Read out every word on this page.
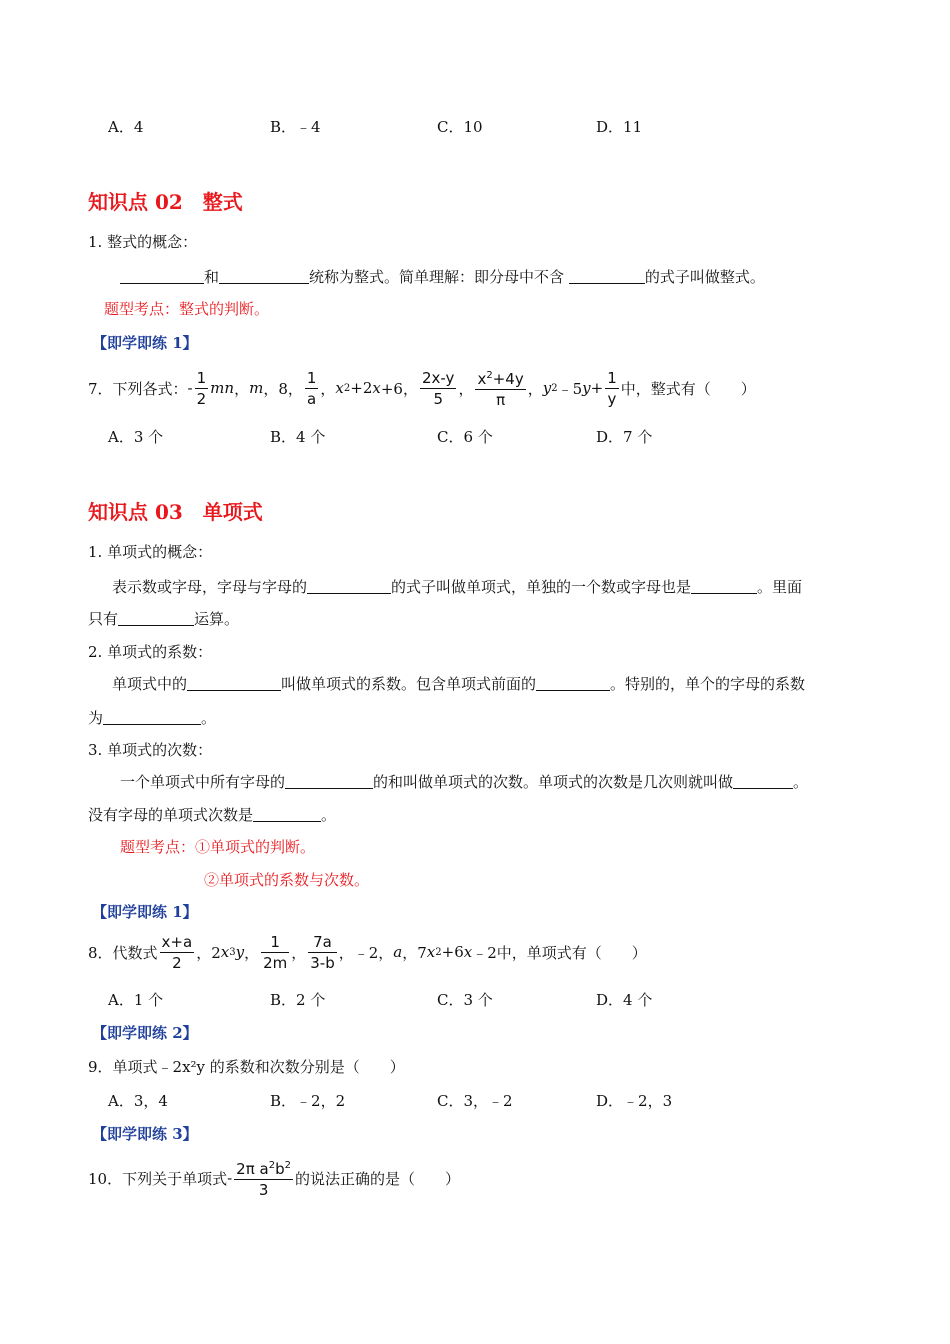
A．4	B．﹣4	C．10	D．11
知识点 02　整式
1. 整式的概念：
和	统称为整式。简单理解：即分母中不含	的式子叫做整式。
题型考点：整式的判断。
【即学即练 1】
7．下列各式： - $\frac{1}{2}$ mn ， m ，8， $\frac{1}{a}$ ， x 2 +2 x +6， $\frac{2x-y}{5}$ ， $\frac{x^2+4y}{\pi}$ ， y 2 ﹣5 $y + \frac{1}{y}$ 中，整式有（　　）
A．3 个	B．4 个	C．6 个	D．7 个
知识点 03　单项式
1. 单项式的概念：
表示数或字母，字母与字母的	的式子叫做单项式，单独的一个数或字母也是	。里面
只有	运算。
2. 单项式的系数：
单项式中的	叫做单项式的系数。包含单项式前面的	。特别的，单个的字母的系数
为	。
3. 单项式的次数：
一个单项式中所有字母的	的和叫做单项式的次数。单项式的次数是几次则就叫做	。
没有字母的单项式次数是	。
题型考点：①单项式的判断。
②单项式的系数与次数。
【即学即练 1】
8．代数式 $\frac{x+a}{2}$ ，2 x 3 y ， $\frac{1}{2m}$ ， $\frac{7a}{3-b}$ ，﹣2， a ，7 x 2 +6 x ﹣2 中，单项式有（　　）
A．1 个	B．2 个	C．3 个	D．4 个
【即学即练 2】
9．单项式﹣2x²y 的系数和次数分别是（　　）
A．3，4	B．﹣2，2	C．3，﹣2	D．﹣2，3
【即学即练 3】
10．下列关于单项式 - $\frac{2\pi a^2b^2}{3}$ 的说法正确的是（　　）
